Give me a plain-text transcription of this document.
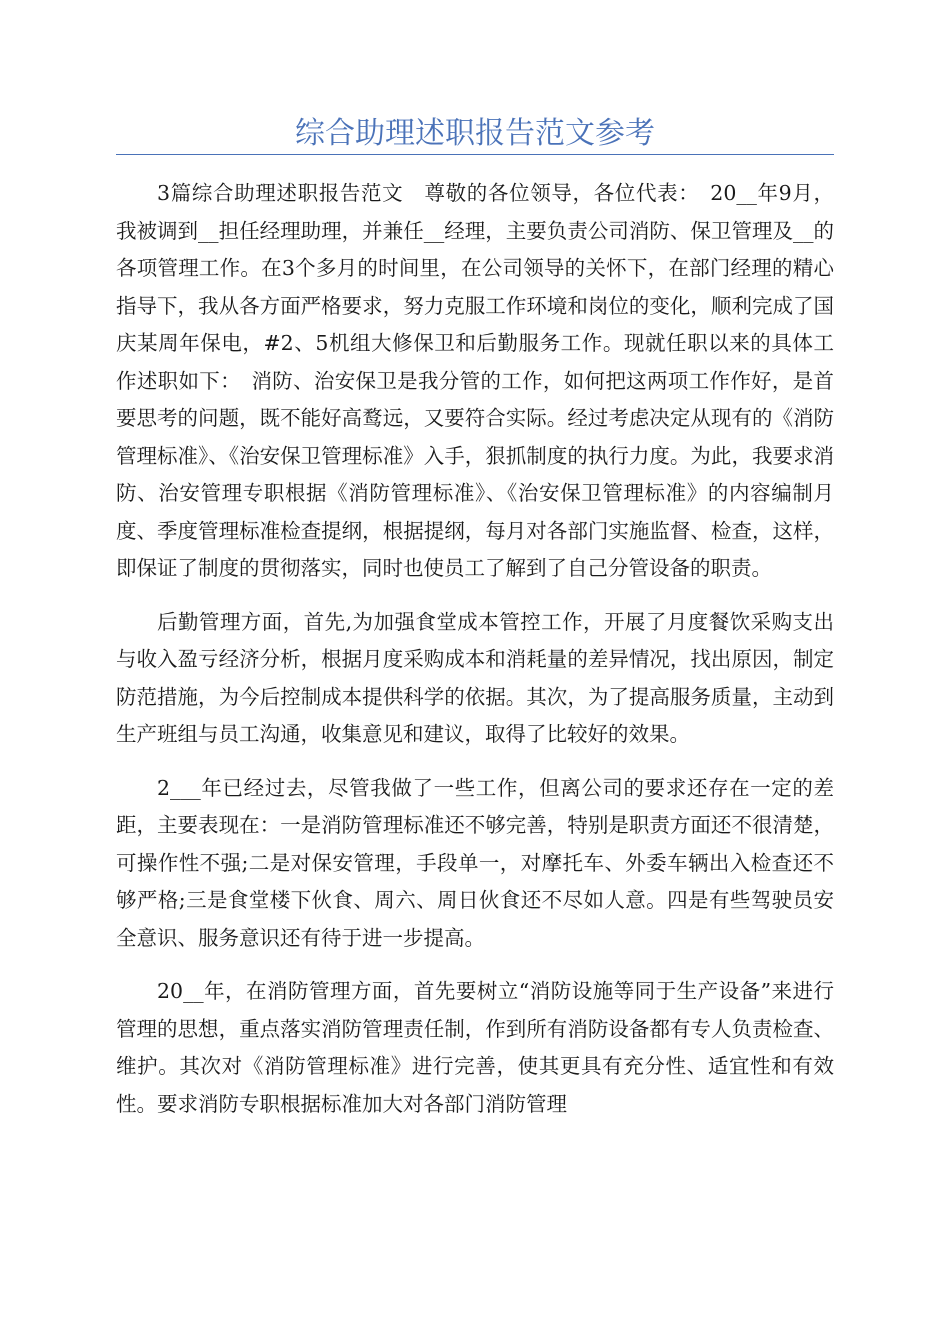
综合助理述职报告范文参考

3篇综合助理述职报告范文　尊敬的各位领导，各位代表：　20__年9月，我被调到__担任经理助理，并兼任__经理，主要负责公司消防、保卫管理及__的各项管理工作。在3个多月的时间里，在公司领导的关怀下，在部门经理的精心指导下，我从各方面严格要求，努力克服工作环境和岗位的变化，顺利完成了国庆某周年保电，#2、5机组大修保卫和后勤服务工作。现就任职以来的具体工作述职如下：　消防、治安保卫是我分管的工作，如何把这两项工作作好，是首要思考的问题，既不能好高鹜远，又要符合实际。经过考虑决定从现有的《消防管理标准》、《治安保卫管理标准》入手，狠抓制度的执行力度。为此，我要求消防、治安管理专职根据《消防管理标准》、《治安保卫管理标准》的内容编制月度、季度管理标准检查提纲，根据提纲，每月对各部门实施监督、检查，这样，即保证了制度的贯彻落实，同时也使员工了解到了自己分管设备的职责。

后勤管理方面，首先,为加强食堂成本管控工作，开展了月度餐饮采购支出与收入盈亏经济分析，根据月度采购成本和消耗量的差异情况，找出原因，制定防范措施，为今后控制成本提供科学的依据。其次，为了提高服务质量，主动到生产班组与员工沟通，收集意见和建议，取得了比较好的效果。

2___年已经过去，尽管我做了一些工作，但离公司的要求还存在一定的差距，主要表现在：一是消防管理标准还不够完善，特别是职责方面还不很清楚，可操作性不强;二是对保安管理，手段单一，对摩托车、外委车辆出入检查还不够严格;三是食堂楼下伙食、周六、周日伙食还不尽如人意。四是有些驾驶员安全意识、服务意识还有待于进一步提高。

20__年，在消防管理方面，首先要树立“消防设施等同于生产设备”来进行管理的思想，重点落实消防管理责任制，作到所有消防设备都有专人负责检查、维护。其次对《消防管理标准》进行完善，使其更具有充分性、适宜性和有效性。要求消防专职根据标准加大对各部门消防管理
